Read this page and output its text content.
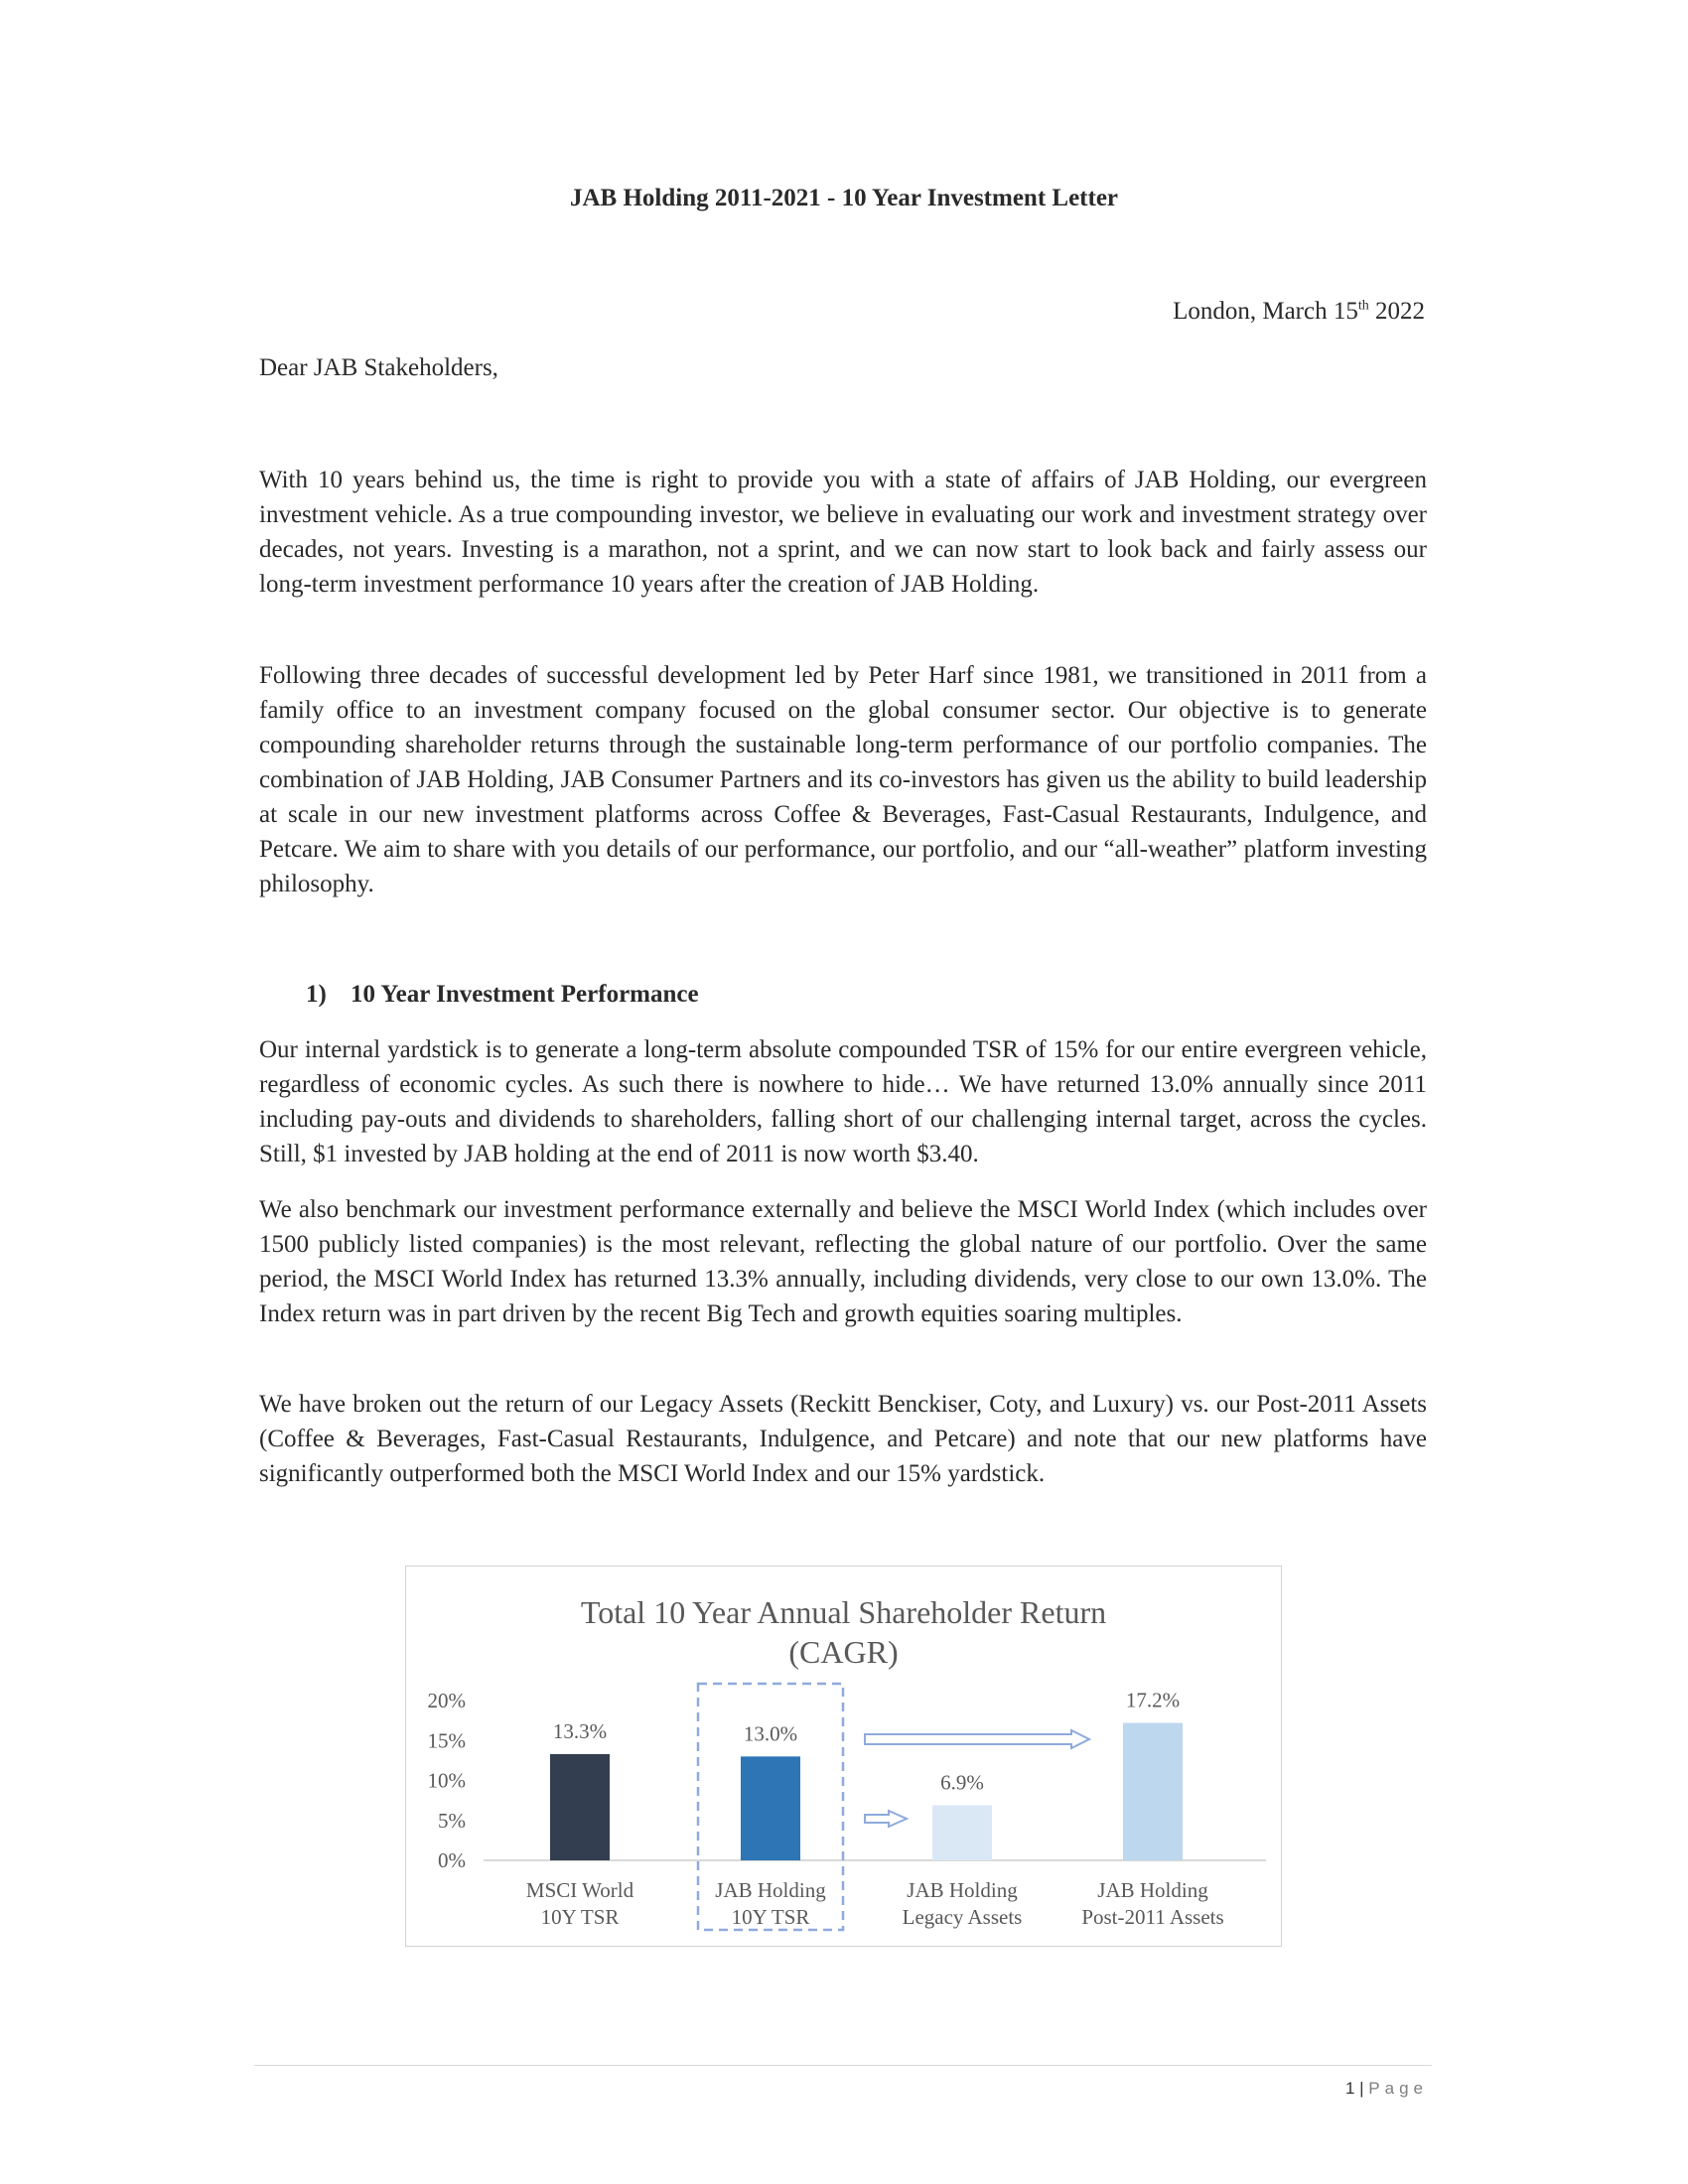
JAB Holding 2011-2021 - 10 Year Investment Letter

London, March 15th 2022

Dear JAB Stakeholders,

With 10 years behind us, the time is right to provide you with a state of affairs of JAB Holding, our evergreen investment vehicle. As a true compounding investor, we believe in evaluating our work and investment strategy over decades, not years. Investing is a marathon, not a sprint, and we can now start to look back and fairly assess our long-term investment performance 10 years after the creation of JAB Holding.

Following three decades of successful development led by Peter Harf since 1981, we transitioned in 2011 from a family office to an investment company focused on the global consumer sector. Our objective is to generate compounding shareholder returns through the sustainable long-term performance of our portfolio companies. The combination of JAB Holding, JAB Consumer Partners and its co-investors has given us the ability to build leadership at scale in our new investment platforms across Coffee & Beverages, Fast-Casual Restaurants, Indulgence, and Petcare. We aim to share with you details of our performance, our portfolio, and our “all-weather” platform investing philosophy.

1) 10 Year Investment Performance

Our internal yardstick is to generate a long-term absolute compounded TSR of 15% for our entire evergreen vehicle, regardless of economic cycles. As such there is nowhere to hide… We have returned 13.0% annually since 2011 including pay-outs and dividends to shareholders, falling short of our challenging internal target, across the cycles. Still, $1 invested by JAB holding at the end of 2011 is now worth $3.40.

We also benchmark our investment performance externally and believe the MSCI World Index (which includes over 1500 publicly listed companies) is the most relevant, reflecting the global nature of our portfolio. Over the same period, the MSCI World Index has returned 13.3% annually, including dividends, very close to our own 13.0%. The Index return was in part driven by the recent Big Tech and growth equities soaring multiples.

We have broken out the return of our Legacy Assets (Reckitt Benckiser, Coty, and Luxury) vs. our Post-2011 Assets (Coffee & Beverages, Fast-Casual Restaurants, Indulgence, and Petcare) and note that our new platforms have significantly outperformed both the MSCI World Index and our 15% yardstick.

Total 10 Year Annual Shareholder Return
(CAGR)

0%
5%
10%
15%
20%
13.3%
MSCI World
10Y TSR
13.0%
JAB Holding
10Y TSR
6.9%
JAB Holding
Legacy Assets
17.2%
JAB Holding
Post-2011 Assets
1 | Page
